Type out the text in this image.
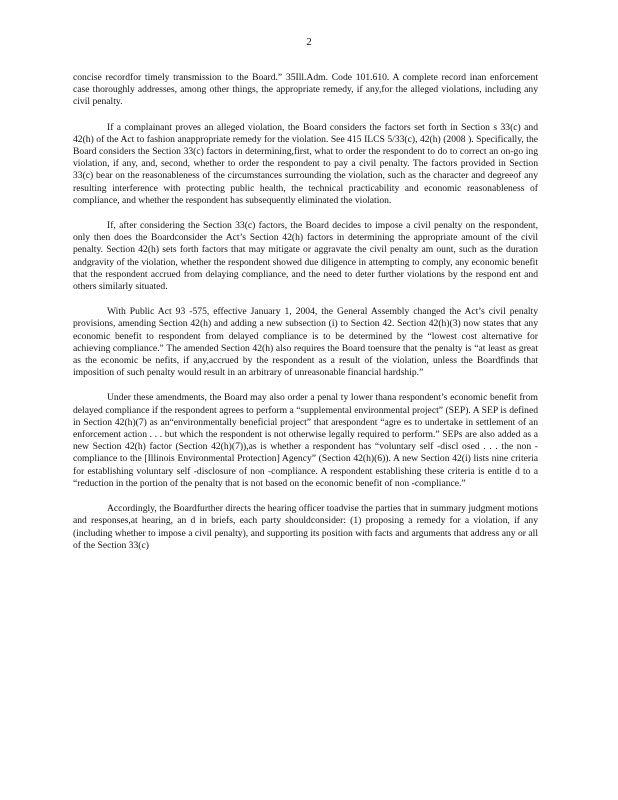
2

concise recordfor timely transmission to the Board.” 35Ill.Adm. Code 101.610. A complete record inan enforcement case thoroughly addresses, among other things, the appropriate remedy, if any,for the alleged violations, including any civil penalty.

If a complainant proves an alleged violation, the Board considers the factors set forth in Section s 33(c) and 42(h) of the Act to fashion anappropriate remedy for the violation. See 415 ILCS 5/33(c), 42(h) (2008 ). Specifically, the Board considers the Section 33(c) factors in determining,first, what to order the respondent to do to correct an on-go ing violation, if any, and, second, whether to order the respondent to pay a civil penalty. The factors provided in Section 33(c) bear on the reasonableness of the circumstances surrounding the violation, such as the character and degreeof any resulting interference with protecting public health, the technical practicability and economic reasonableness of compliance, and whether the respondent has subsequently eliminated the violation.

If, after considering the Section 33(c) factors, the Board decides to impose a civil penalty on the respondent, only then does the Boardconsider the Act’s Section 42(h) factors in determining the appropriate amount of the civil penalty. Section 42(h) sets forth factors that may mitigate or aggravate the civil penalty am ount, such as the duration andgravity of the violation, whether the respondent showed due diligence in attempting to comply, any economic benefit that the respondent accrued from delaying compliance, and the need to deter further violations by the respond ent and others similarly situated.

With Public Act 93 -575, effective January 1, 2004, the General Assembly changed the Act’s civil penalty provisions, amending Section 42(h) and adding a new subsection (i) to Section 42. Section 42(h)(3) now states that any economic benefit to respondent from delayed compliance is to be determined by the “lowest cost alternative for achieving compliance.” The amended Section 42(h) also requires the Board toensure that the penalty is “at least as great as the economic be nefits, if any,accrued by the respondent as a result of the violation, unless the Boardfinds that imposition of such penalty would result in an arbitrary of unreasonable financial hardship.”

Under these amendments, the Board may also order a penal ty lower thana respondent’s economic benefit from delayed compliance if the respondent agrees to perform a “supplemental environmental project” (SEP). A SEP is defined in Section 42(h)(7) as an“environmentally beneficial project” that arespondent “agre es to undertake in settlement of an enforcement action . . . but which the respondent is not otherwise legally required to perform.” SEPs are also added as a new Section 42(h) factor (Section 42(h)(7)),as is whether a respondent has “voluntary self -discl osed . . . the non -compliance to the [Illinois Environmental Protection] Agency” (Section 42(h)(6)). A new Section 42(i) lists nine criteria for establishing voluntary self -disclosure of non -compliance. A respondent establishing these criteria is entitle d to a “reduction in the portion of the penalty that is not based on the economic benefit of non -compliance.”

Accordingly, the Boardfurther directs the hearing officer toadvise the parties that in summary judgment motions and responses,at hearing, an d in briefs, each party shouldconsider: (1) proposing a remedy for a violation, if any (including whether to impose a civil penalty), and supporting its position with facts and arguments that address any or all of the Section 33(c)
